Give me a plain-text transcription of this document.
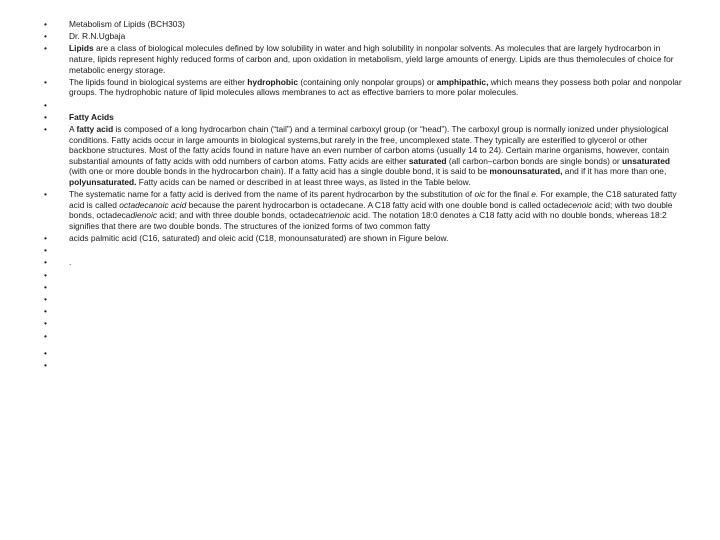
• Metabolism of Lipids (BCH303)
• Dr. R.N.Ugbaja
• Lipids are a class of biological molecules defined by low solubility in water and high solubility in nonpolar solvents. As molecules that are largely hydrocarbon in nature, lipids represent highly reduced forms of carbon and, upon oxidation in metabolism, yield large amounts of energy. Lipids are thus themolecules of choice for metabolic energy storage.
• The lipids found in biological systems are either hydrophobic (containing only nonpolar groups) or amphipathic, which means they possess both polar and nonpolar groups. The hydrophobic nature of lipid molecules allows membranes to act as effective barriers to more polar molecules.
•
• Fatty Acids
• A fatty acid is composed of a long hydrocarbon chain (“tail”) and a terminal carboxyl group (or “head”). The carboxyl group is normally ionized under physiological conditions. Fatty acids occur in large amounts in biological systems,but rarely in the free, uncomplexed state. They typically are esterified to glycerol or other backbone structures. Most of the fatty acids found in nature have an even number of carbon atoms (usually 14 to 24). Certain marine organisms, however, contain substantial amounts of fatty acids with odd numbers of carbon atoms. Fatty acids are either saturated (all carbon–carbon bonds are single bonds) or unsaturated (with one or more double bonds in the hydrocarbon chain). If a fatty acid has a single double bond, it is said to be monounsaturated, and if it has more than one, polyunsaturated. Fatty acids can be named or described in at least three ways, as listed in the Table below.
• The systematic name for a fatty acid is derived from the name of its parent hydrocarbon by the substitution of oic for the final e. For example, the C18 saturated fatty acid is called octadecanoic acid because the parent hydrocarbon is octadecane. A C18 fatty acid with one double bond is called octadecenoic acid; with two double bonds, octadecadienoic acid; and with three double bonds, octadecatrienoic acid. The notation 18:0 denotes a C18 fatty acid with no double bonds, whereas 18:2 signifies that there are two double bonds. The structures of the ionized forms of two common fatty
• acids palmitic acid (C16, saturated) and oleic acid (C18, monounsaturated) are shown in Figure below.
•
• .
•
•
•
•
•
•
•
•
